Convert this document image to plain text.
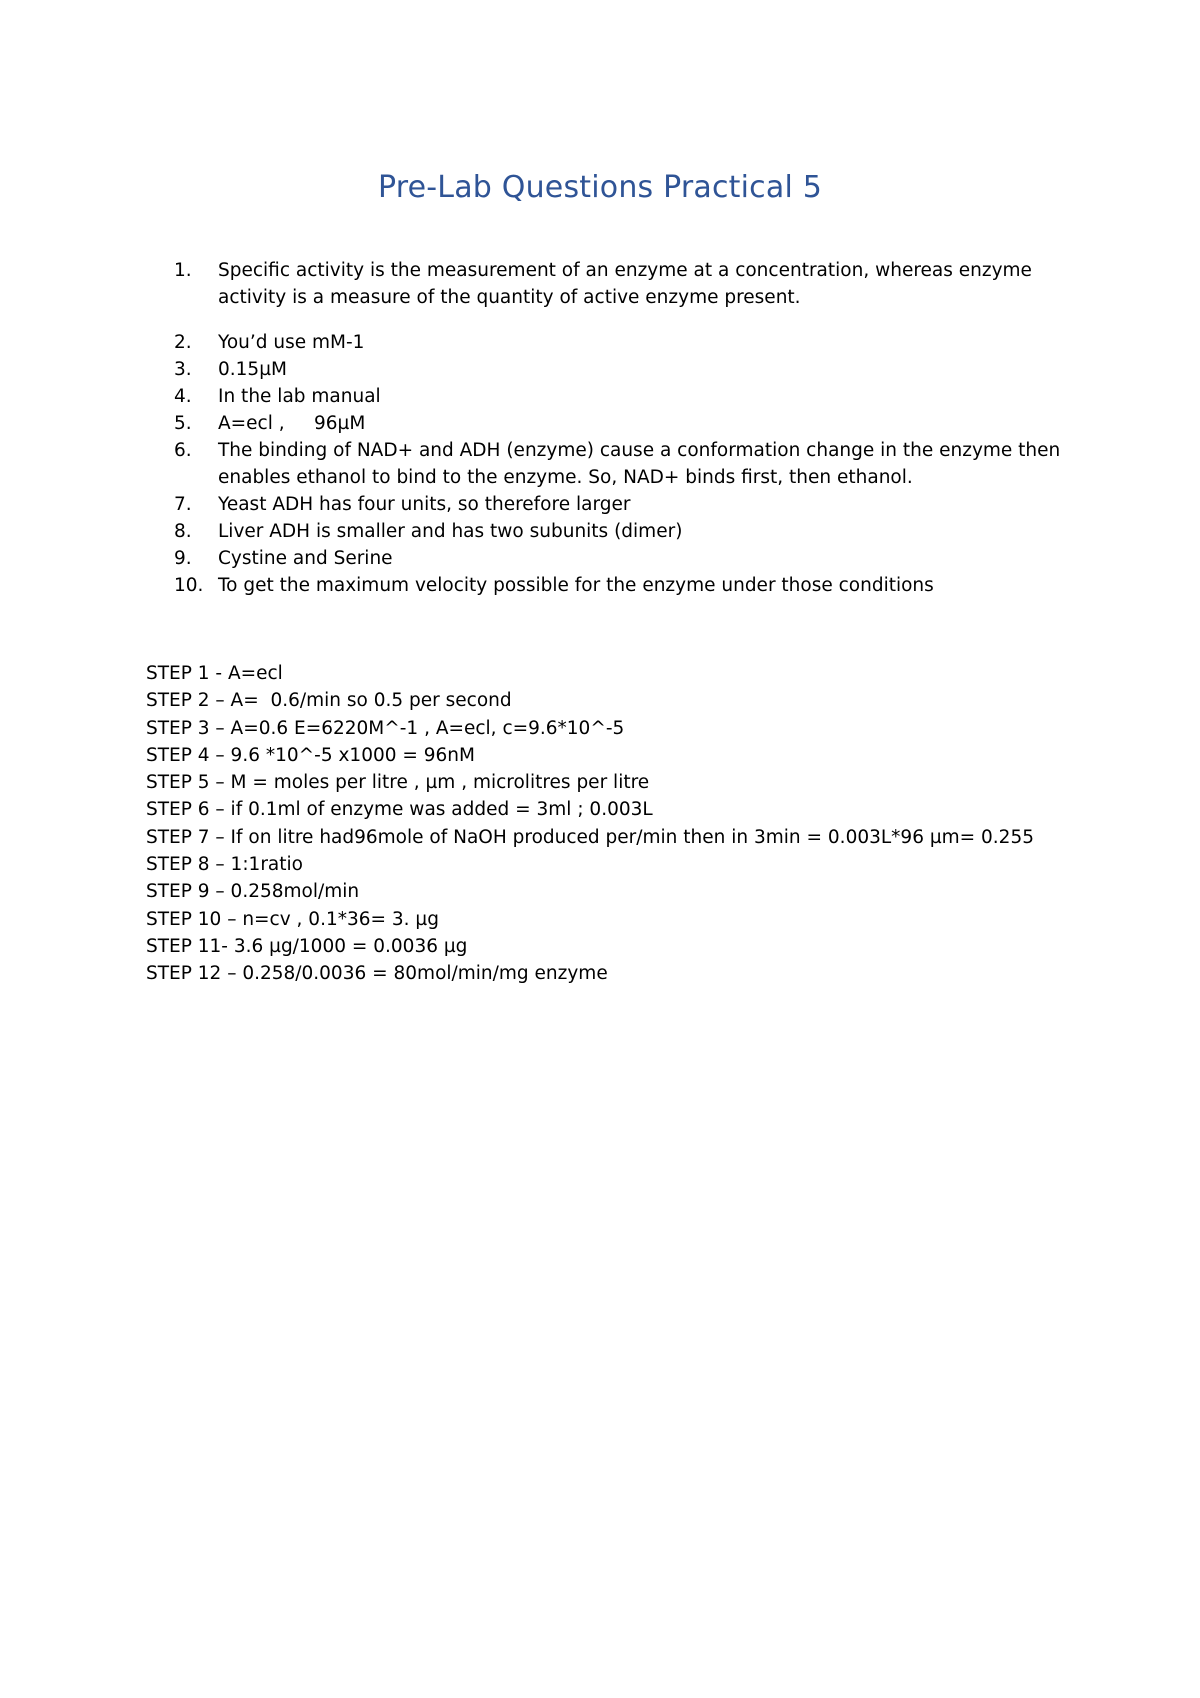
Pre-Lab Questions Practical 5
1.	Specific activity is the measurement of an enzyme at a concentration, whereas enzyme activity is a measure of the quantity of active enzyme present.
2.	You’d use mM-1
3.	0.15µM
4.	In the lab manual
5.	A=ecl ,     96µM
6.	The binding of NAD+ and ADH (enzyme) cause a conformation change in the enzyme then enables ethanol to bind to the enzyme. So, NAD+ binds first, then ethanol.
7.	Yeast ADH has four units, so therefore larger
8.	Liver ADH is smaller and has two subunits (dimer)
9.	Cystine and Serine
10. To get the maximum velocity possible for the enzyme under those conditions
STEP 1 - A=ecl
STEP 2 – A=  0.6/min so 0.5 per second
STEP 3 – A=0.6 E=6220M^-1 , A=ecl, c=9.6*10^-5
STEP 4 – 9.6 *10^-5 x1000 = 96nM
STEP 5 – M = moles per litre , µm , microlitres per litre
STEP 6 – if 0.1ml of enzyme was added = 3ml ; 0.003L
STEP 7 – If on litre had96mole of NaOH produced per/min then in 3min = 0.003L*96 µm= 0.255
STEP 8 – 1:1ratio
STEP 9 – 0.258mol/min
STEP 10 – n=cv , 0.1*36= 3. µg
STEP 11- 3.6 µg/1000 = 0.0036 µg
STEP 12 – 0.258/0.0036 = 80mol/min/mg enzyme
